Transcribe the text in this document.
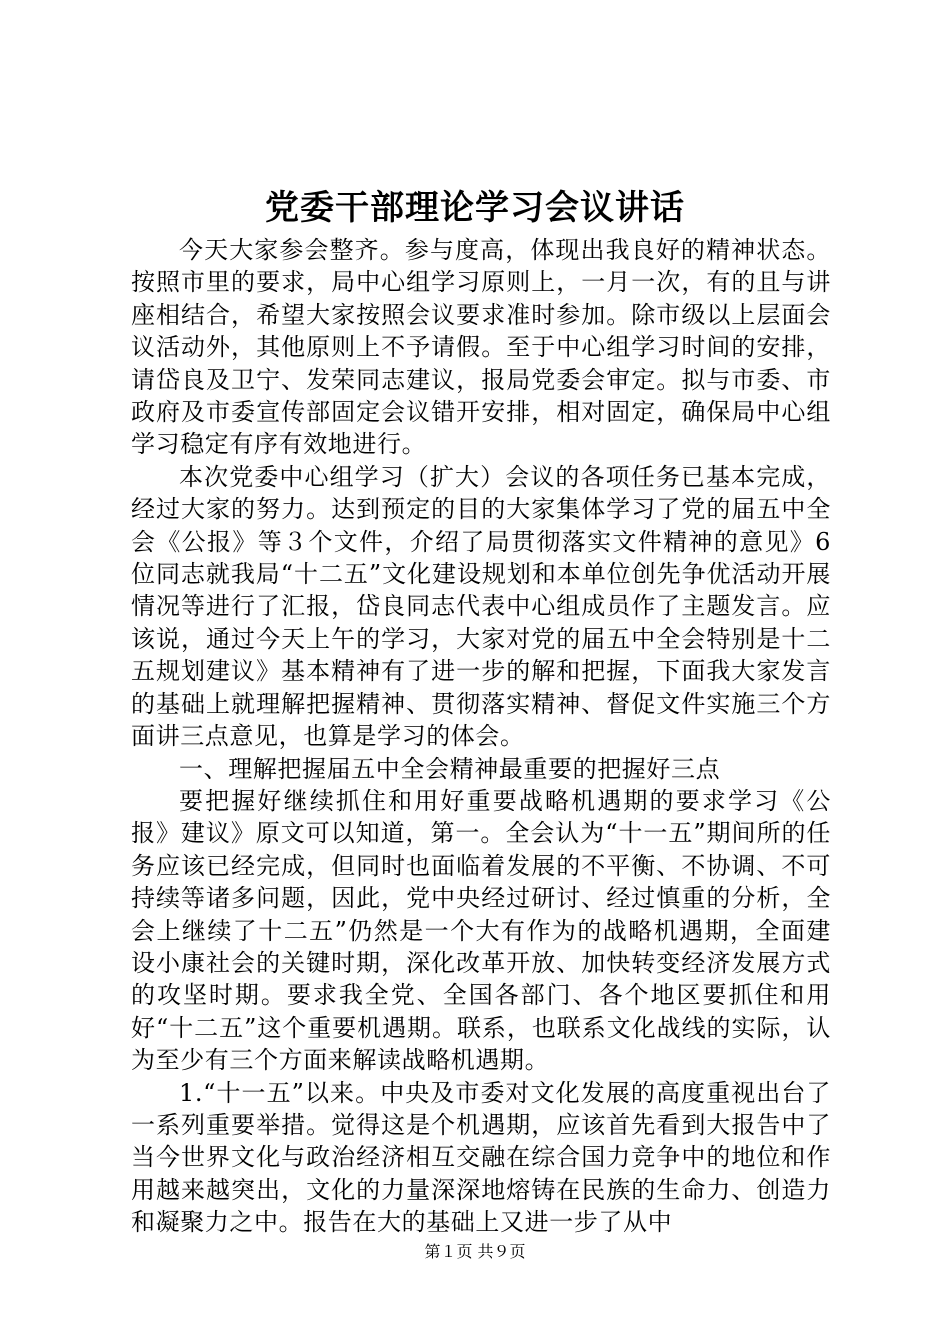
党委干部理论学习会议讲话

今天大家参会整齐。参与度高，体现出我良好的精神状态。按照市里的要求，局中心组学习原则上，一月一次，有的且与讲座相结合，希望大家按照会议要求准时参加。除市级以上层面会议活动外，其他原则上不予请假。至于中心组学习时间的安排，请岱良及卫宁、发荣同志建议，报局党委会审定。拟与市委、市政府及市委宣传部固定会议错开安排，相对固定，确保局中心组学习稳定有序有效地进行。

本次党委中心组学习（扩大）会议的各项任务已基本完成，经过大家的努力。达到预定的目的大家集体学习了党的届五中全会《公报》等３个文件，介绍了局贯彻落实文件精神的意见》6位同志就我局“十二五”文化建设规划和本单位创先争优活动开展情况等进行了汇报，岱良同志代表中心组成员作了主题发言。应该说，通过今天上午的学习，大家对党的届五中全会特别是十二五规划建议》基本精神有了进一步的解和把握，下面我大家发言的基础上就理解把握精神、贯彻落实精神、督促文件实施三个方面讲三点意见，也算是学习的体会。

一、理解把握届五中全会精神最重要的把握好三点

要把握好继续抓住和用好重要战略机遇期的要求学习《公报》建议》原文可以知道，第一。全会认为“十一五”期间所的任务应该已经完成，但同时也面临着发展的不平衡、不协调、不可持续等诸多问题，因此，党中央经过研讨、经过慎重的分析，全会上继续了十二五”仍然是一个大有作为的战略机遇期，全面建设小康社会的关键时期，深化改革开放、加快转变经济发展方式的攻坚时期。要求我全党、全国各部门、各个地区要抓住和用好“十二五”这个重要机遇期。联系，也联系文化战线的实际，认为至少有三个方面来解读战略机遇期。

1.“十一五”以来。中央及市委对文化发展的高度重视出台了一系列重要举措。觉得这是个机遇期，应该首先看到大报告中了当今世界文化与政治经济相互交融在综合国力竞争中的地位和作用越来越突出，文化的力量深深地熔铸在民族的生命力、创造力和凝聚力之中。报告在大的基础上又进一步了从中

第１页 共９页
